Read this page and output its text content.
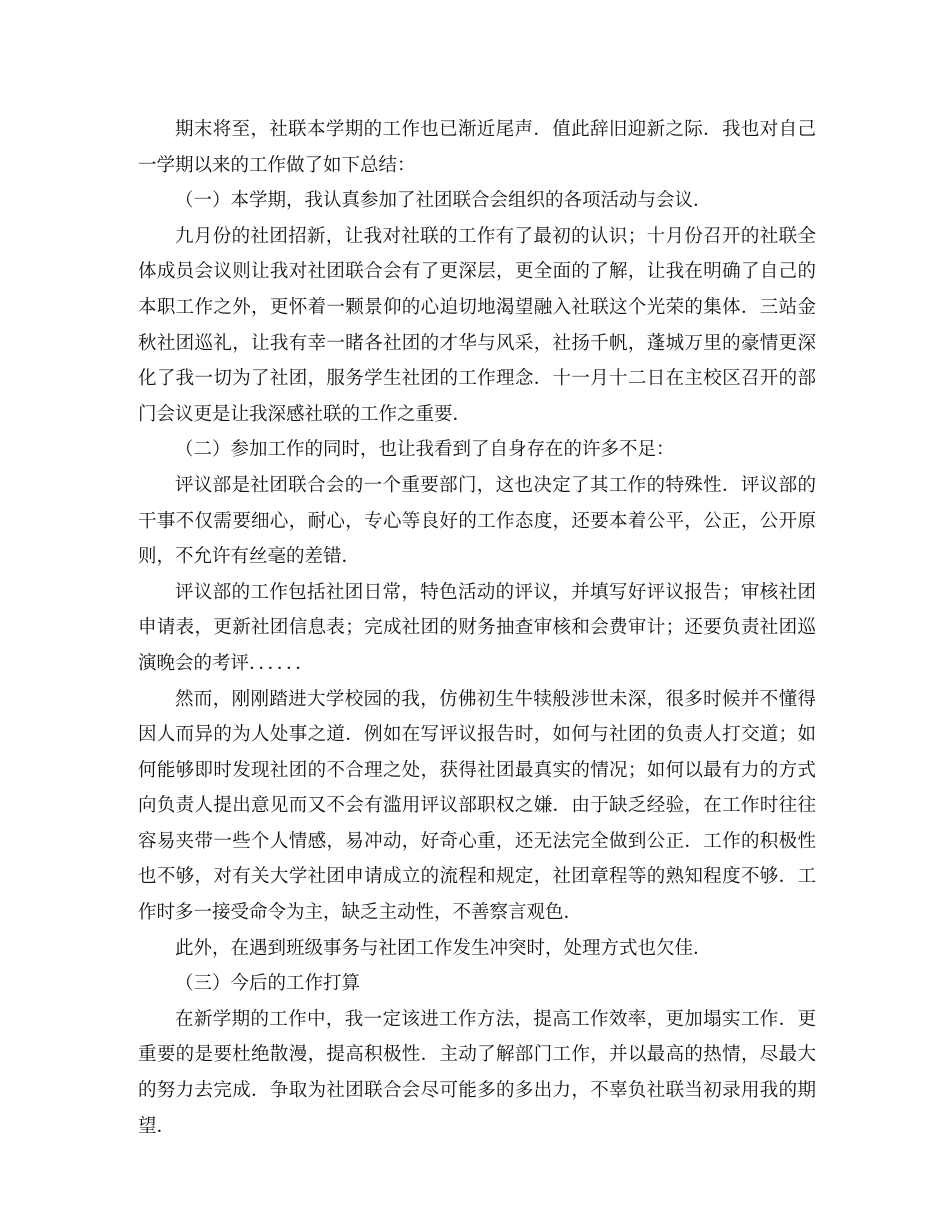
期末将至，社联本学期的工作也已渐近尾声．值此辞旧迎新之际．我也对自己一学期以来的工作做了如下总结：

（一）本学期，我认真参加了社团联合会组织的各项活动与会议．

九月份的社团招新，让我对社联的工作有了最初的认识；十月份召开的社联全体成员会议则让我对社团联合会有了更深层，更全面的了解，让我在明确了自己的本职工作之外，更怀着一颗景仰的心迫切地渴望融入社联这个光荣的集体．三站金秋社团巡礼，让我有幸一睹各社团的才华与风采，社扬千帆，蓬城万里的豪情更深化了我一切为了社团，服务学生社团的工作理念．十一月十二日在主校区召开的部门会议更是让我深感社联的工作之重要．

（二）参加工作的同时，也让我看到了自身存在的许多不足：

评议部是社团联合会的一个重要部门，这也决定了其工作的特殊性．评议部的干事不仅需要细心，耐心，专心等良好的工作态度，还要本着公平，公正，公开原则，不允许有丝毫的差错．

评议部的工作包括社团日常，特色活动的评议，并填写好评议报告；审核社团申请表，更新社团信息表；完成社团的财务抽查审核和会费审计；还要负责社团巡演晚会的考评．．．．．．

然而，刚刚踏进大学校园的我，仿佛初生牛犊般涉世未深，很多时候并不懂得因人而异的为人处事之道．例如在写评议报告时，如何与社团的负责人打交道；如何能够即时发现社团的不合理之处，获得社团最真实的情况；如何以最有力的方式向负责人提出意见而又不会有滥用评议部职权之嫌．由于缺乏经验，在工作时往往容易夹带一些个人情感，易冲动，好奇心重，还无法完全做到公正．工作的积极性也不够，对有关大学社团申请成立的流程和规定，社团章程等的熟知程度不够．工作时多一接受命令为主，缺乏主动性，不善察言观色．

此外，在遇到班级事务与社团工作发生冲突时，处理方式也欠佳．

（三）今后的工作打算

在新学期的工作中，我一定该进工作方法，提高工作效率，更加塌实工作．更重要的是要杜绝散漫，提高积极性．主动了解部门工作，并以最高的热情，尽最大的努力去完成．争取为社团联合会尽可能多的多出力，不辜负社联当初录用我的期望．
